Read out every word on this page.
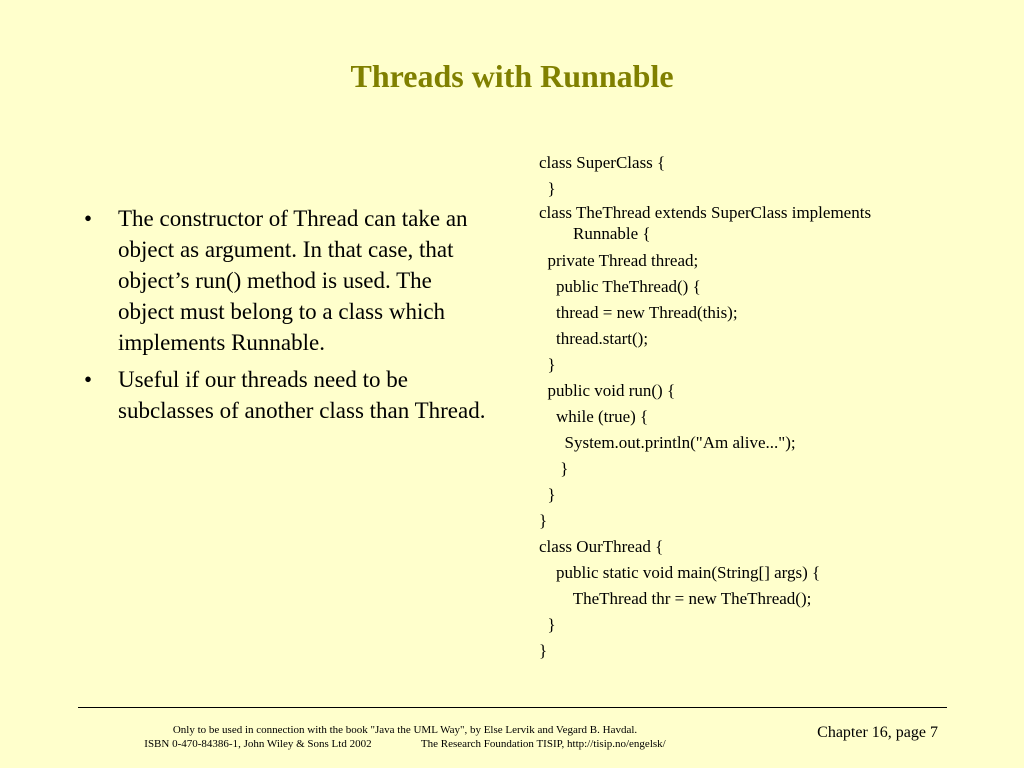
Threads with Runnable
• The constructor of Thread can take an object as argument. In that case, that object’s run() method is used. The object must belong to a class which implements Runnable.
• Useful if our threads need to be subclasses of another class than Thread.
class SuperClass {
}
class TheThread extends SuperClass implements
Runnable {
private Thread thread;
public TheThread() {
thread = new Thread(this);
thread.start();
}
public void run() {
while (true) {
System.out.println("Am alive...");
}
}
}
class OurThread {
public static void main(String[] args) {
TheThread thr = new TheThread();
}
}
Only to be used in connection with the book "Java the UML Way", by Else Lervik and Vegard B. Havdal.
ISBN 0-470-84386-1, John Wiley & Sons Ltd 2002                  The Research Foundation TISIP, http://tisip.no/engelsk/
Chapter 16, page 7
